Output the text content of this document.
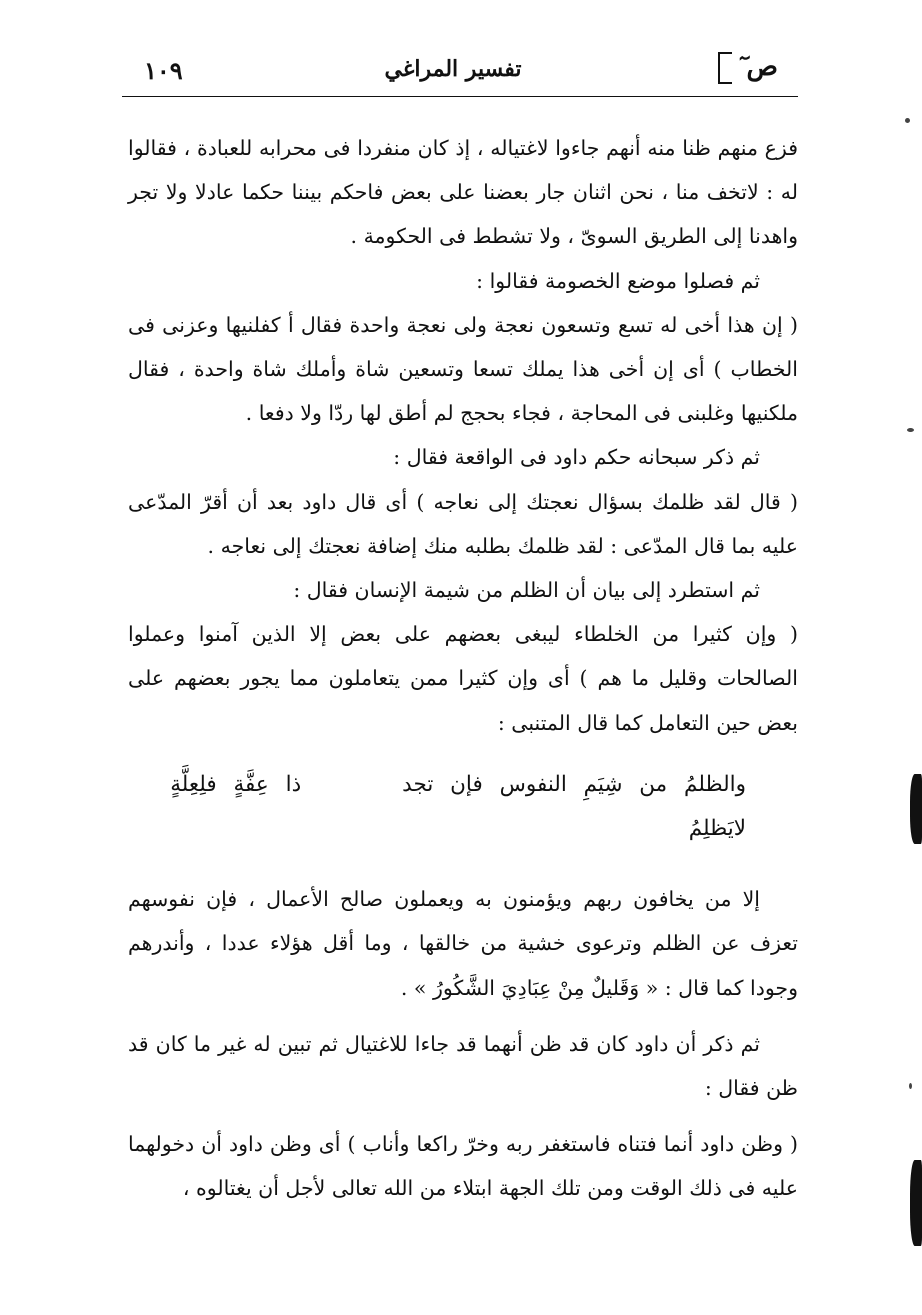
ص ٓ
تفسير المراغي
١٠٩

فزع منهم ظنا منه أنهم جاءوا لاغتياله ، إذ كان منفردا فى محرابه للعبادة ، فقالوا له : لاتخف منا ، نحن اثنان جار بعضنا على بعض فاحكم بيننا حكما عادلا ولا تجر واهدنا إلى الطريق السوىّ ، ولا تشطط فى الحكومة .

ثم فصلوا موضع الخصومة فقالوا :

( إن هذا أخى له تسع وتسعون نعجة ولى نعجة واحدة فقال أ كفلنيها وعزنى فى الخطاب ) أى إن أخى هذا يملك تسعا وتسعين شاة وأملك شاة واحدة ، فقال ملكنيها وغلبنى فى المحاجة ، فجاء بحجج لم أطق لها ردّا ولا دفعا .

ثم ذكر سبحانه حكم داود فى الواقعة فقال :

( قال لقد ظلمك بسؤال نعجتك إلى نعاجه ) أى قال داود بعد أن أقرّ المدّعى عليه بما قال المدّعى : لقد ظلمك بطلبه منك إضافة نعجتك إلى نعاجه .

ثم استطرد إلى بيان أن الظلم من شيمة الإنسان فقال :

( وإن كثيرا من الخلطاء ليبغى بعضهم على بعض إلا الذين آمنوا وعملوا الصالحات وقليل ما هم ) أى وإن كثيرا ممن يتعاملون مما يجور بعضهم على بعض حين التعامل كما قال المتنبى :

والظلمُ من شِيَمِ النفوس فإن تجد      ذا عِفَّةٍ فلِعِلَّةٍ لايَظلِمُ

إلا من يخافون ربهم ويؤمنون به ويعملون صالح الأعمال ، فإن نفوسهم تعزف عن الظلم وترعوى خشية من خالقها ، وما أقل هؤلاء عددا ، وأندرهم وجودا كما قال : « وَقَليلٌ مِنْ عِبَادِيَ الشَّكُورُ » .

ثم ذكر أن داود كان قد ظن أنهما قد جاءا للاغتيال ثم تبين له غير ما كان قد ظن فقال :

( وظن داود أنما فتناه فاستغفر ربه وخرّ راكعا وأناب ) أى وظن داود أن دخولهما عليه فى ذلك الوقت ومن تلك الجهة ابتلاء من الله تعالى لأجل أن يغتالوه ،
